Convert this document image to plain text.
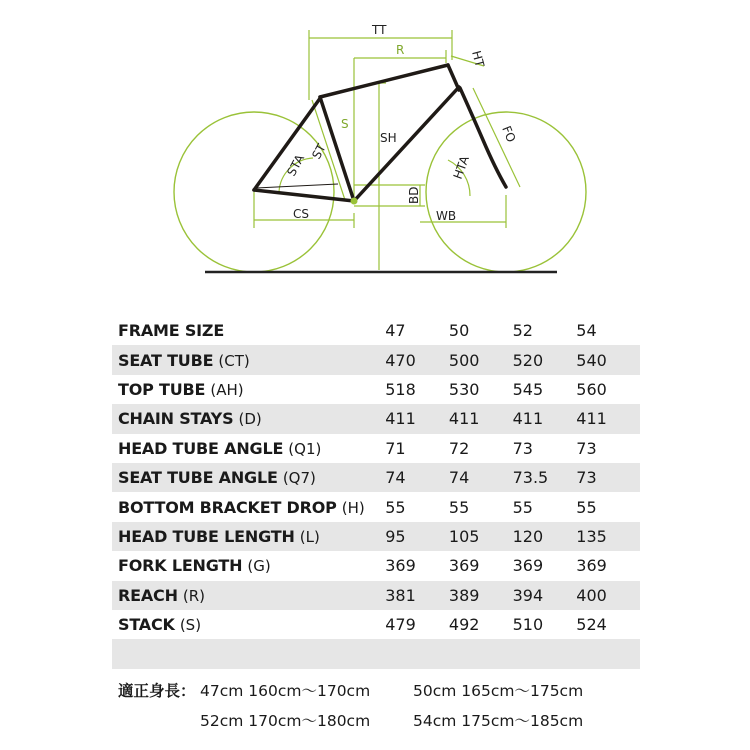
TT
R	HT
S
SH	FO
STA
ST
HTA
BD
CS	WB
FRAME SIZE	47	50	52	54
SEAT TUBE (CT)	470	500	520	540
TOP TUBE (AH)	518	530	545	560
CHAIN STAYS (D)	411	411	411	411
HEAD TUBE ANGLE (Q1)	71	72	73	73
SEAT TUBE ANGLE (Q7)	74	74	73.5	73
BOTTOM BRACKET DROP (H)	55	55	55	55
HEAD TUBE LENGTH (L)	95	105	120	135
FORK LENGTH (G)	369	369	369	369
REACH (R)	381	389	394	400
STACK (S)	479	492	510	524

適正身長： 47cm 160cm〜170cm	50cm 165cm〜175cm
52cm 170cm〜180cm	54cm 175cm〜185cm
